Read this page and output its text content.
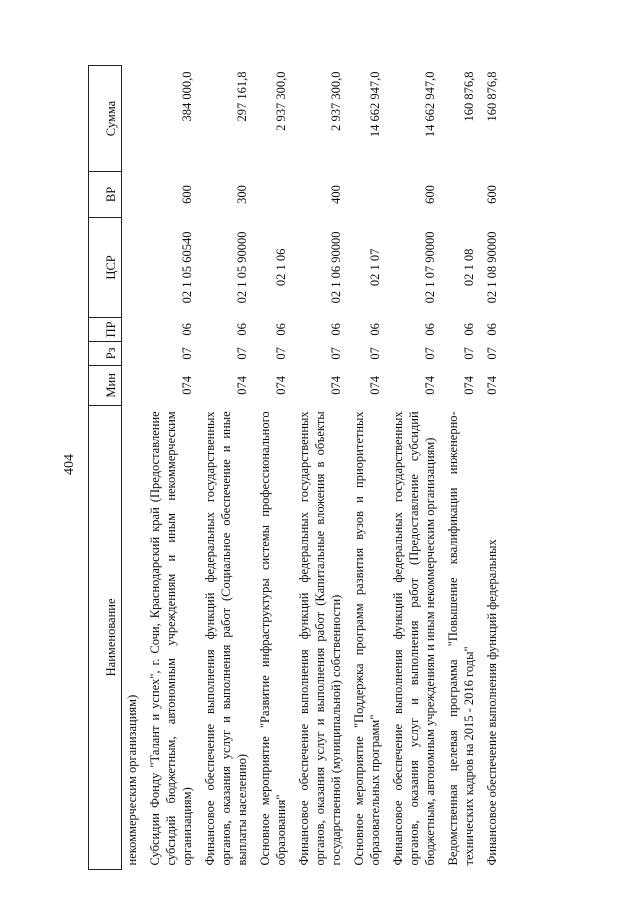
404
Наименование	Мин	Рз	ПР	ЦСР	ВР	Сумма
некоммерческим организациям)						
Субсидии Фонду "Талант и успех", г. Сочи, Краснодарский край (Предоставление субсидий бюджетным, автономным учреждениям и иным некоммерческим организациям)	074	07	06	02 1 05 60540	600	384 000,0
Финансовое обеспечение выполнения функций федеральных государственных органов, оказания услуг и выполнения работ (Социальное обеспечение и иные выплаты населению)	074	07	06	02 1 05 90000	300	297 161,8
Основное мероприятие "Развитие инфраструктуры системы профессионального образования"	074	07	06	02 1 06		2 937 300,0
Финансовое обеспечение выполнения функций федеральных государственных органов, оказания услуг и выполнения работ (Капитальные вложения в объекты государственной (муниципальной) собственности)	074	07	06	02 1 06 90000	400	2 937 300,0
Основное мероприятие "Поддержка программ развития вузов и приоритетных образовательных программ"	074	07	06	02 1 07		14 662 947,0
Финансовое обеспечение выполнения функций федеральных государственных органов, оказания услуг и выполнения работ (Предоставление субсидий бюджетным, автономным учреждениям и иным некоммерческим организациям)	074	07	06	02 1 07 90000	600	14 662 947,0
Ведомственная целевая программа "Повышение квалификации инженерно-технических кадров на 2015 - 2016 годы"	074	07	06	02 1 08		160 876,8
Финансовое обеспечение выполнения функций федеральных	074	07	06	02 1 08 90000	600	160 876,8
